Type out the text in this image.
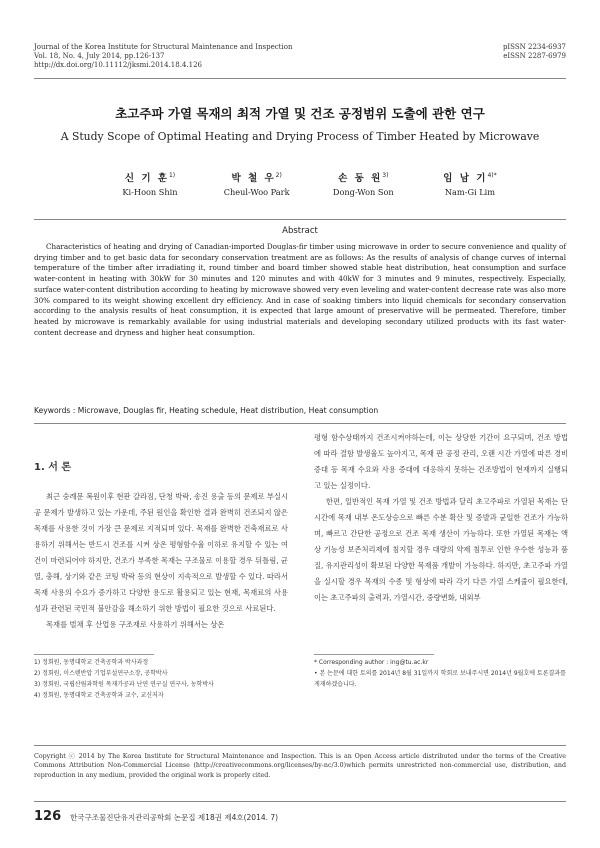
Journal of the Korea Institute for Structural Maintenance and Inspection
Vol. 18, No. 4, July 2014, pp.126-137
http://dx.doi.org/10.11112/jksmi.2014.18.4.126
pISSN 2234-6937
eISSN 2287-6979
초고주파 가열 목재의 최적 가열 및 건조 공정범위 도출에 관한 연구
A Study Scope of Optimal Heating and Drying Process of Timber Heated by Microwave
신 기 훈$^{1)}$
Ki-Hoon Shin
박 철 우$^{2)}$
Cheul-Woo Park
손 동 원$^{3)}$
Dong-Won Son
임 남 기$^{4)*}$
Nam-Gi Lim
Abstract
Characteristics of heating and drying of Canadian-imported Douglas-fir timber using microwave in order to secure convenience and quality of drying timber and to get basic data for secondary conservation treatment are as follows: As the results of analysis of change curves of internal temperature of the timber after irradiating it, round timber and board timber showed stable heat distribution, heat consumption and surface water-content in heating with 30kW for 30 minutes and 120 minutes and with 40kW for 3 minutes and 9 minutes, respectively. Especially, surface water-content distribution according to heating by microwave showed very even leveling and water-content decrease rate was also more 30% compared to its weight showing excellent dry efficiency. And in case of soaking timbers into liquid chemicals for secondary conservation according to the analysis results of heat consumption, it is expected that large amount of preservative will be permeated. Therefore, timber heated by microwave is remarkably available for using industrial materials and developing secondary utilized products with its fast water-content decrease and dryness and higher heat consumption.
Keywords : Microwave, Douglas fir, Heating schedule, Heat distribution, Heat consumption
1. 서 론

최근 숭례문 복원이후 현판 갈라짐, 단청 박락, 송진 용출 등의 문제로 부실시공 문제가 발생하고 있는 가운데, 주된 원인을 확인한 결과 완벽히 건조되지 않은 목재를 사용한 것이 가장 큰 문제로 지적되며 있다. 목재를 완벽한 건축재료로 사용하기 위해서는 반드시 건조를 시켜 상온 평형함수율 이하로 유지할 수 있는 여건이 마련되어야 하지만, 건조가 부족한 목재는 구조물로 이용할 경우 뒤틀림, 균열, 충해, 상기와 같은 코팅 박락 등의 현상이 지속적으로 발생할 수 있다. 따라서 목재 사용의 수요가 증가하고 다양한 용도로 활용되고 있는 현재, 목재료의 사용성과 관련된 국민적 불안감을 해소하기 위한 방법이 필요한 것으로 사료된다.

목재를 벌채 후 산업용 구조재로 사용하기 위해서는 상온

평형 함수상태까지 건조시켜야하는데, 이는 상당한 기간이 요구되며, 건조 방법에 따라 결함 발생율도 높아지고, 목재 판 공정 관리, 오랜 시간 가열에 따른 경비 증대 등 목재 수요와 사용 증대에 대응하지 못하는 건조방법이 현재까지 실행되고 있는 실정이다.

한편, 일반적인 목재 가열 및 건조 방법과 달리 초고주파로 가열된 목재는 단시간에 목재 내부 온도상승으로 빠른 수분 확산 및 증발과 균일한 건조가 가능하며, 빠르고 간단한 공정으로 건조 목재 생산이 가능하다. 또한 가열된 목재는 액상 기능성 보존처리제에 침지할 경우 대량의 약제 침투로 인한 우수한 성능과 품질, 유지관리성이 확보된 다양한 목재품 개발이 가능하다. 하지만, 초고주파 가열을 실시할 경우 목재의 수종 및 형상에 따라 각기 다른 가열 스케줄이 필요한데, 이는 초고주파의 출력과, 가열시간, 중량변화, 내외부

1) 정회원, 동명대학교 건축공학과 박사과정
2) 정회원, 이스텐반압 기업부설연구소장, 공학박사
3) 정회원, 국립산림과학원 목재가공과 난연 연구실 연구사, 농학박사
4) 정회원, 동명대학교 건축공학과 교수, 교신저자
* Corresponding author : ing@tu.ac.kr
• 본 논문에 대한 토의를 2014년 8월 31일까지 학회로 보내주시면 2014년 9월호에 토론결과를 게재하겠습니다.
Copyright ⓒ 2014 by The Korea Institute for Structural Maintenance and Inspection. This is an Open Access article distributed under the terms of the Creative Commons Attribution Non-Commercial License (http://creativecommons.org/licenses/by-nc/3.0)which permits unrestricted non-commercial use, distribution, and reproduction in any medium, provided the original work is properly cited.
126 한국구조물진단유지관리공학회 논문집 제18권 제4호(2014. 7)
